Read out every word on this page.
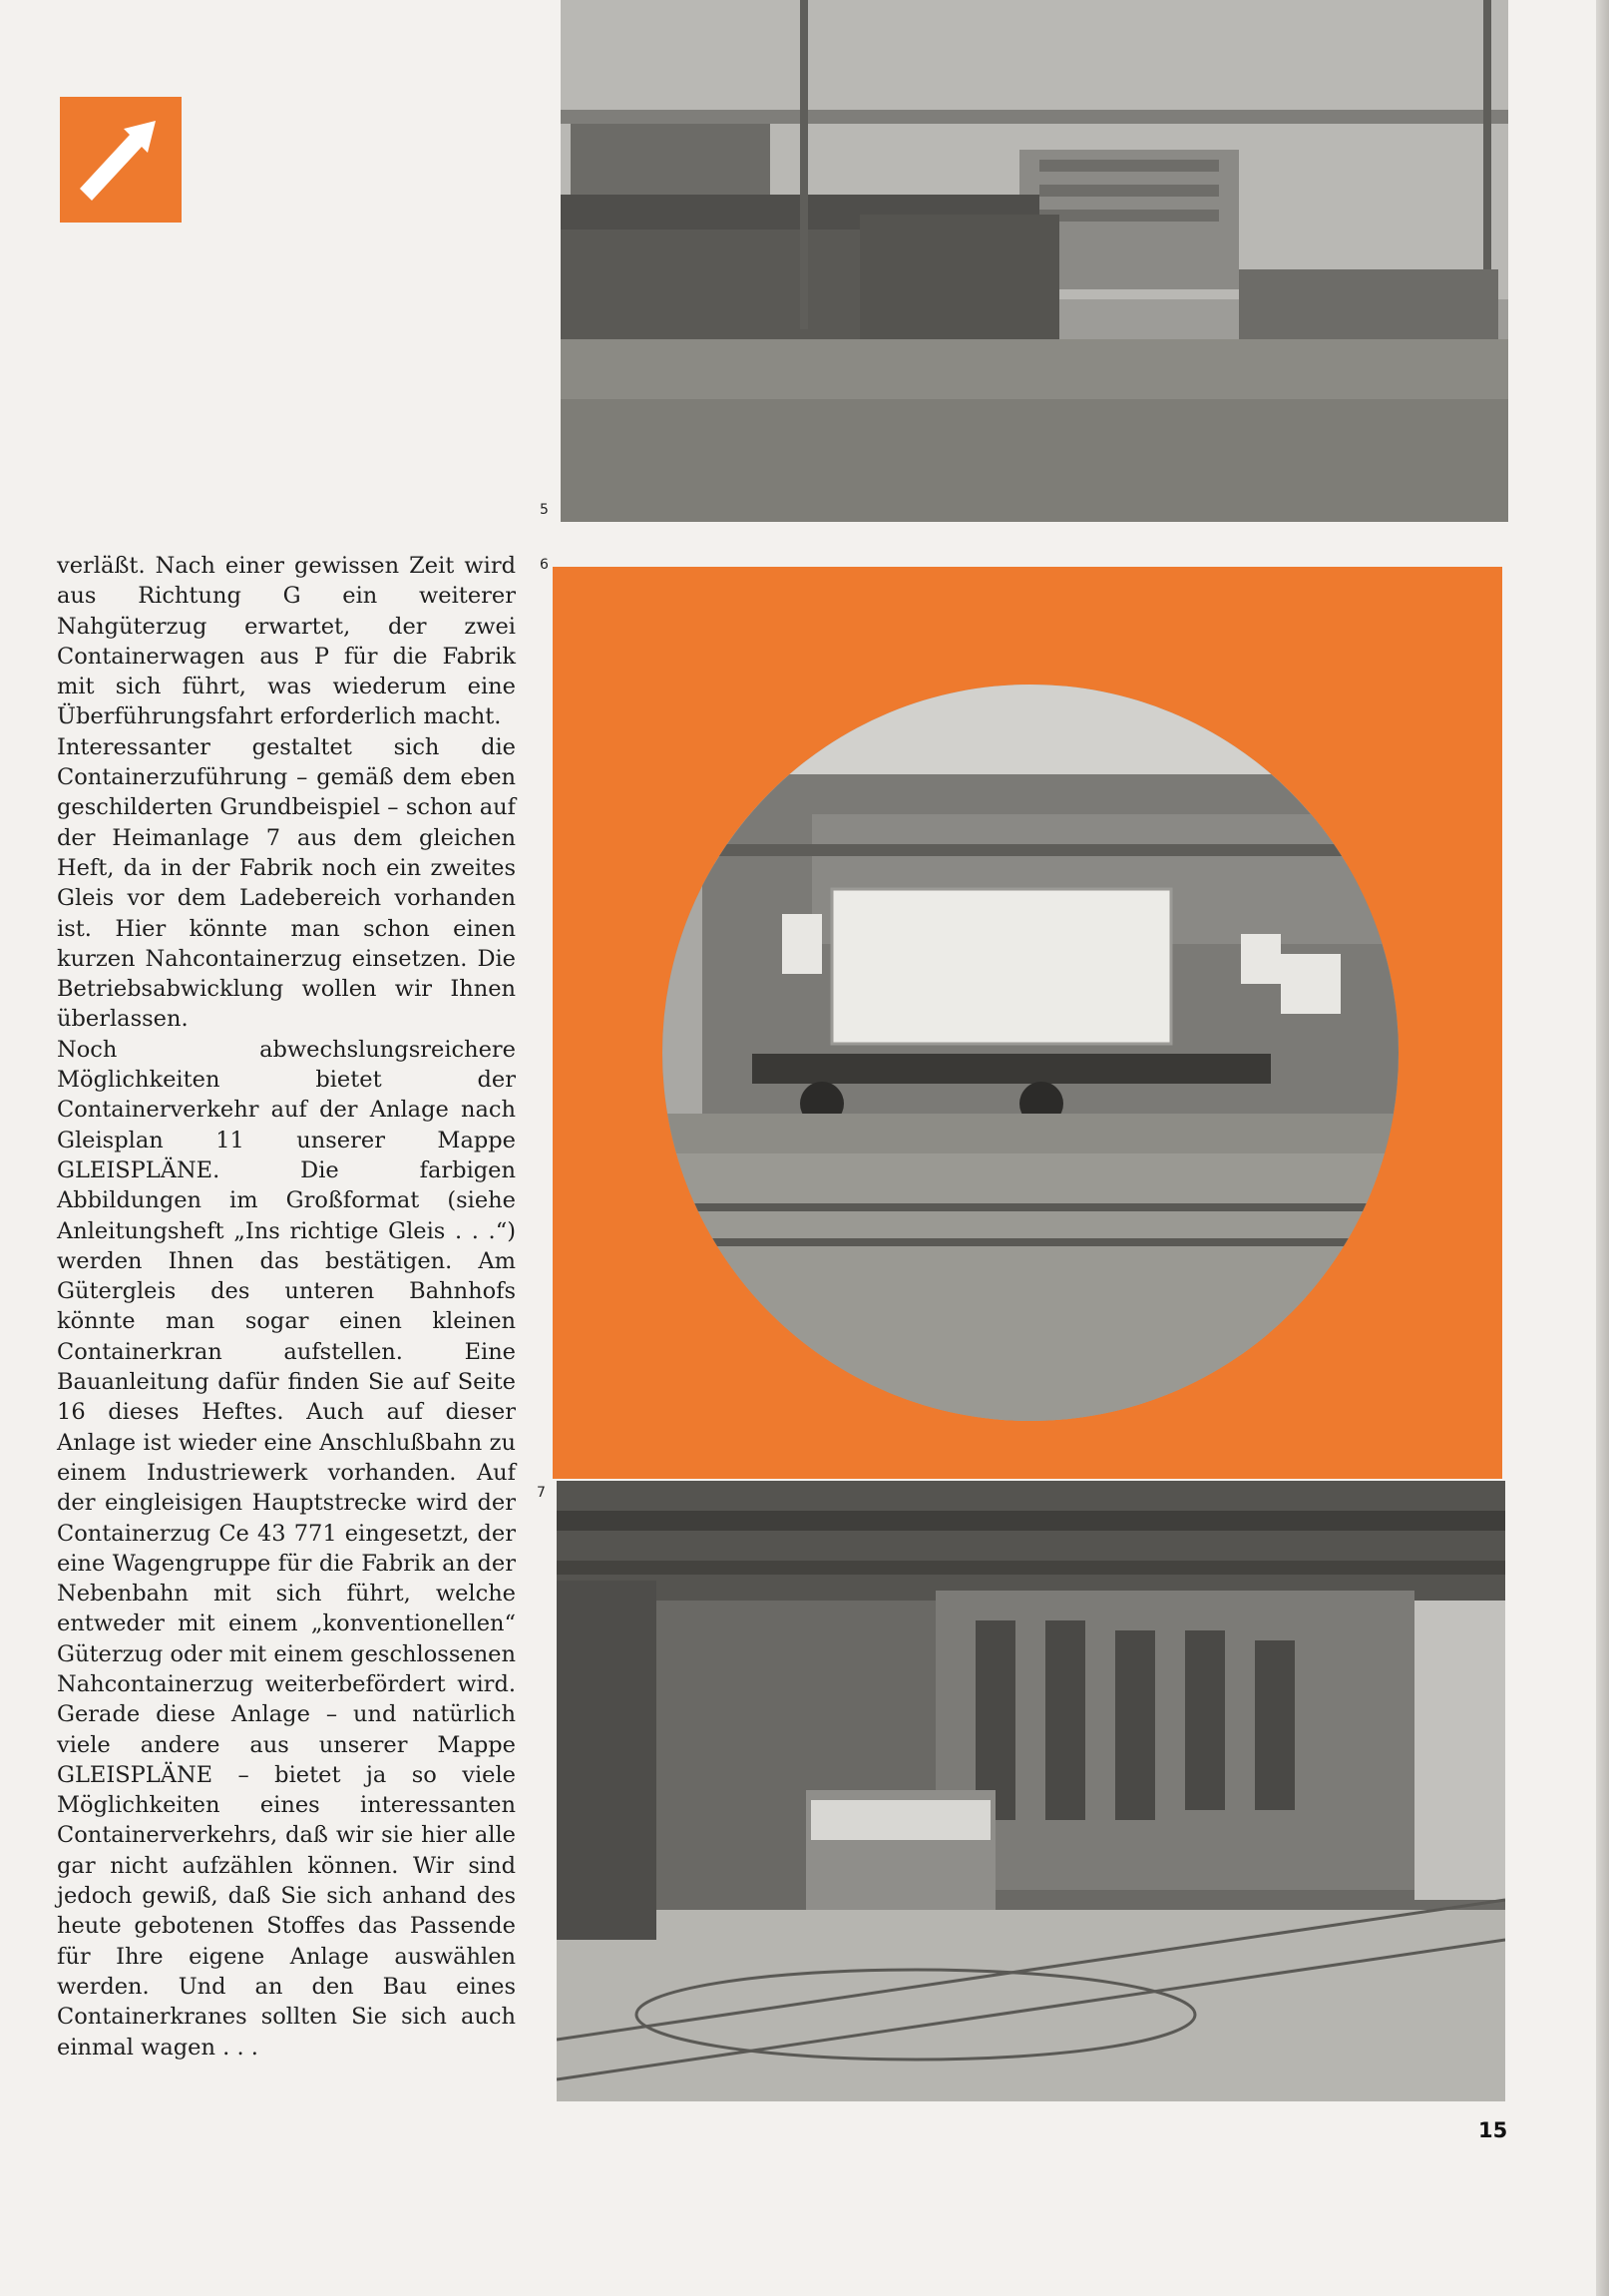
5
6
7

verläßt. Nach einer gewissen Zeit wird aus Richtung G ein weiterer Nahgüterzug erwartet, der zwei Containerwagen aus P für die Fabrik mit sich führt, was wiederum eine Überführungsfahrt erforderlich macht.

Interessanter gestaltet sich die Containerzuführung – gemäß dem eben geschilderten Grundbeispiel – schon auf der Heimanlage 7 aus dem gleichen Heft, da in der Fabrik noch ein zweites Gleis vor dem Ladebereich vorhanden ist. Hier könnte man schon einen kurzen Nahcontainerzug einsetzen. Die Betriebsabwicklung wollen wir Ihnen überlassen.

Noch abwechslungsreichere Möglichkeiten bietet der Containerverkehr auf der Anlage nach Gleisplan 11 unserer Mappe GLEISPLÄNE. Die farbigen Abbildungen im Großformat (siehe Anleitungsheft „Ins richtige Gleis . . .“) werden Ihnen das bestätigen. Am Gütergleis des unteren Bahnhofs könnte man sogar einen kleinen Containerkran aufstellen. Eine Bauanleitung dafür finden Sie auf Seite 16 dieses Heftes. Auch auf dieser Anlage ist wieder eine Anschlußbahn zu einem Industriewerk vorhanden. Auf der eingleisigen Hauptstrecke wird der Containerzug Ce 43 771 eingesetzt, der eine Wagengruppe für die Fabrik an der Nebenbahn mit sich führt, welche entweder mit einem „konventionellen“ Güterzug oder mit einem geschlossenen Nahcontainerzug weiterbefördert wird. Gerade diese Anlage – und natürlich viele andere aus unserer Mappe GLEISPLÄNE – bietet ja so viele Möglichkeiten eines interessanten Containerverkehrs, daß wir sie hier alle gar nicht aufzählen können. Wir sind jedoch gewiß, daß Sie sich anhand des heute gebotenen Stoffes das Passende für Ihre eigene Anlage auswählen werden. Und an den Bau eines Containerkranes sollten Sie sich auch einmal wagen . . .

15
